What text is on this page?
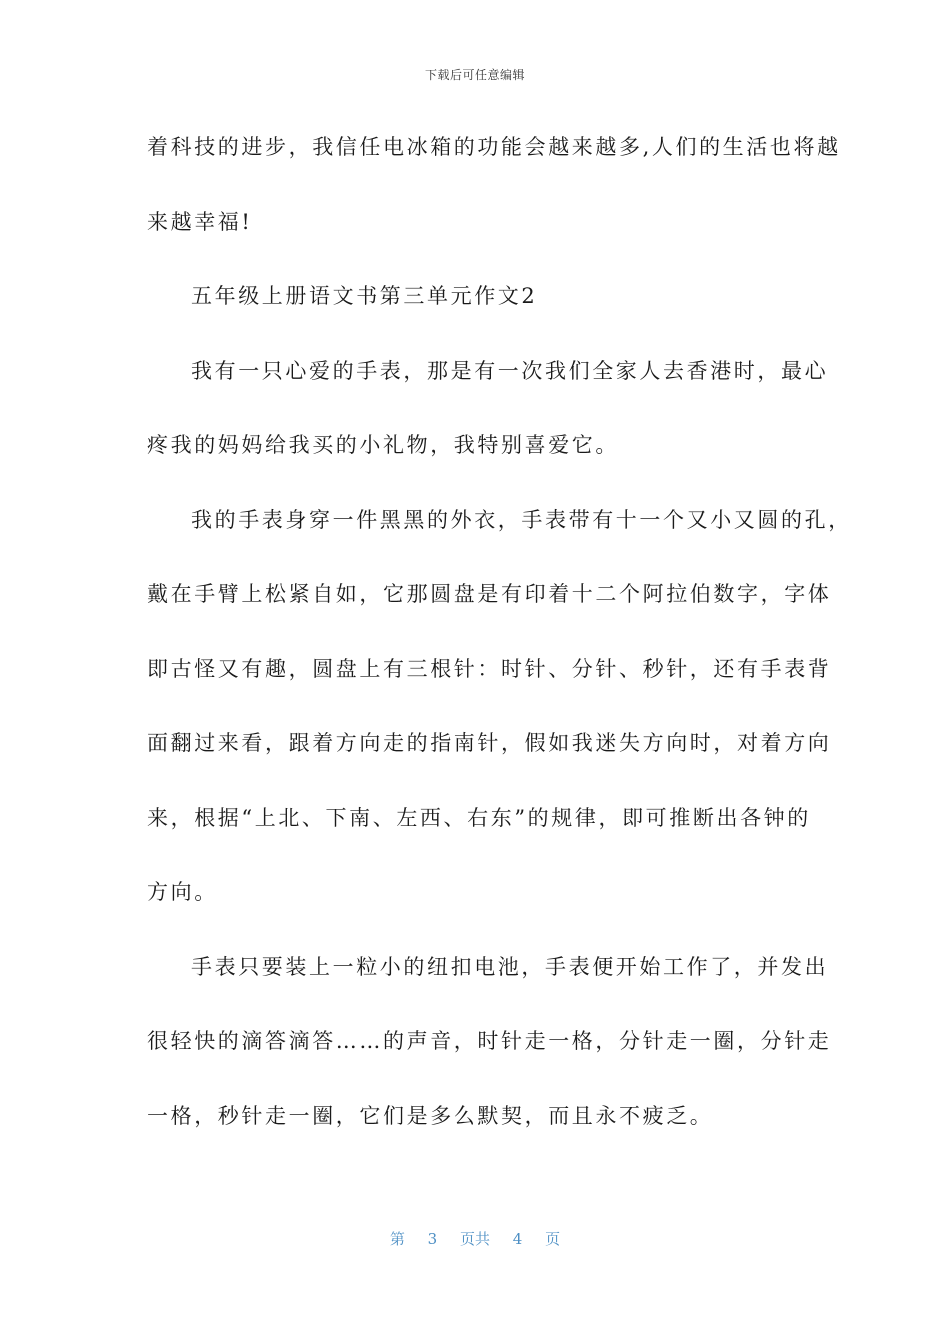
下载后可任意编辑
着科技的进步，我信任电冰箱的功能会越来越多,人们的生活也将越
来越幸福!
五年级上册语文书第三单元作文2
我有一只心爱的手表，那是有一次我们全家人去香港时，最心
疼我的妈妈给我买的小礼物，我特别喜爱它。
我的手表身穿一件黑黑的外衣，手表带有十一个又小又圆的孔，
戴在手臂上松紧自如，它那圆盘是有印着十二个阿拉伯数字，字体
即古怪又有趣，圆盘上有三根针：时针、分针、秒针，还有手表背
面翻过来看，跟着方向走的指南针，假如我迷失方向时，对着方向
来，根据“上北、下南、左西、右东”的规律，即可推断出各钟的
方向。
手表只要装上一粒小的纽扣电池，手表便开始工作了，并发出
很轻快的滴答滴答……的声音，时针走一格，分针走一圈，分针走
一格，秒针走一圈，它们是多么默契，而且永不疲乏。
第 3 页共 4 页
